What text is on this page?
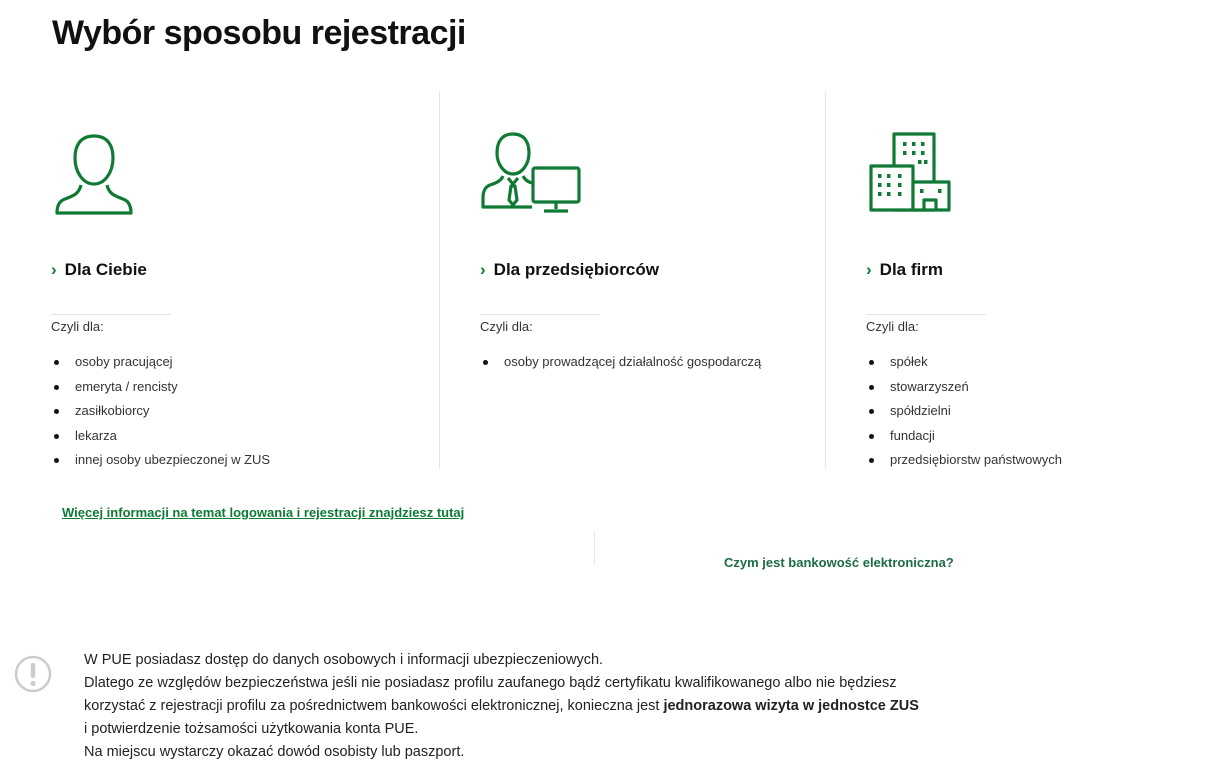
Wybór sposobu rejestracji
› Dla Ciebie
Czyli dla:
osoby pracującej
emeryta / rencisty
zasiłkobiorcy
lekarza
innej osoby ubezpieczonej w ZUS
› Dla przedsiębiorców
Czyli dla:
osoby prowadzącej działalność gospodarczą
› Dla firm
Czyli dla:
spółek
stowarzyszeń
spółdzielni
fundacji
przedsiębiorstw państwowych
Więcej informacji na temat logowania i rejestracji znajdziesz tutaj
Czym jest bankowość elektroniczna?

W PUE posiadasz dostęp do danych osobowych i informacji ubezpieczeniowych.

Dlatego ze względów bezpieczeństwa jeśli nie posiadasz profilu zaufanego bądź certyfikatu kwalifikowanego albo nie będziesz

korzystać z rejestracji profilu za pośrednictwem bankowości elektronicznej, konieczna jest jednorazowa wizyta w jednostce ZUS

i potwierdzenie tożsamości użytkowania konta PUE.

Na miejscu wystarczy okazać dowód osobisty lub paszport.
